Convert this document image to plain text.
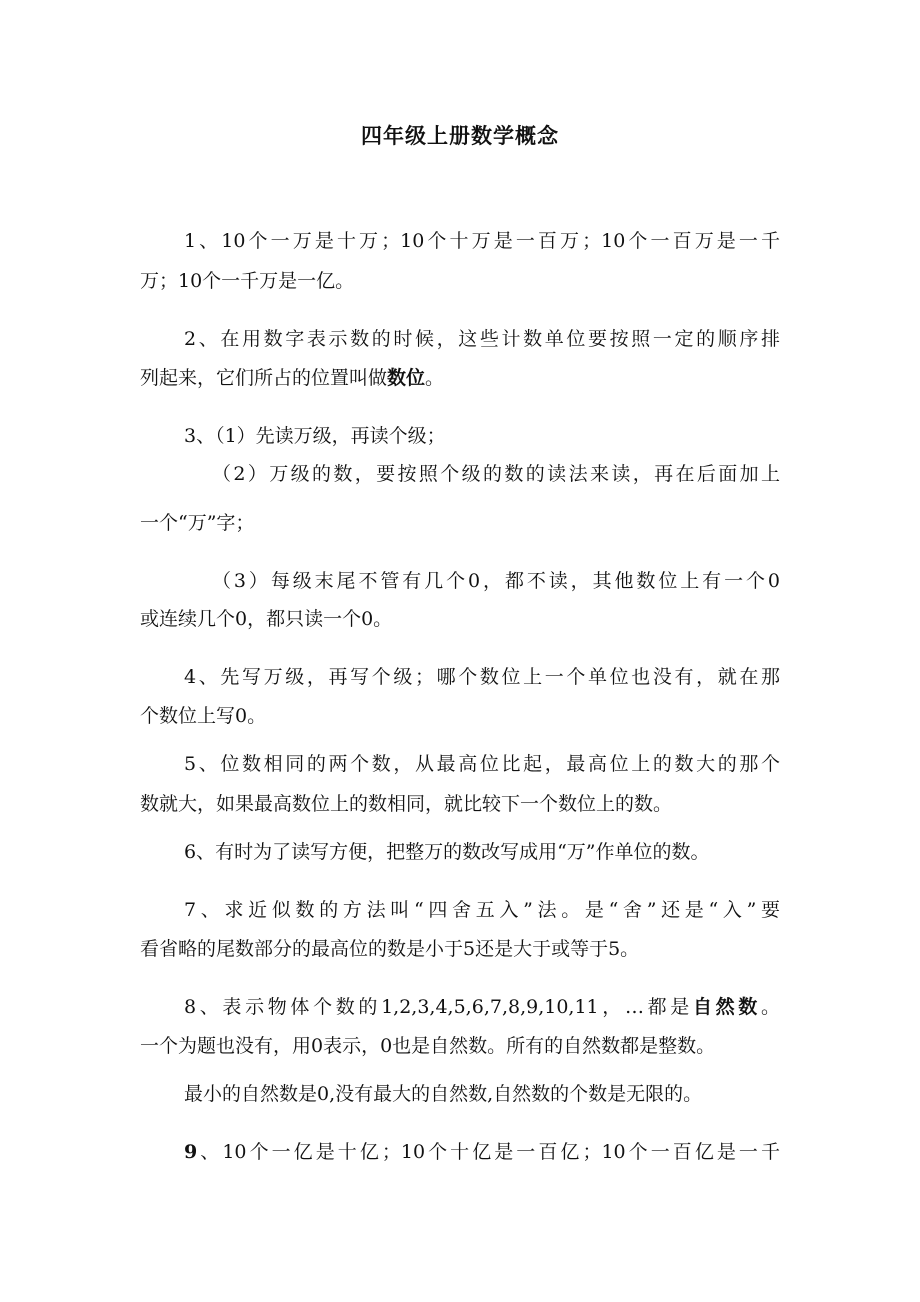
四年级上册数学概念
1、10个一万是十万；10个十万是一百万；10个一百万是一千
万；10个一千万是一亿。
2、在用数字表示数的时候，这些计数单位要按照一定的顺序排
列起来，它们所占的位置叫做数位。
3、（1）先读万级，再读个级；
（2）万级的数，要按照个级的数的读法来读，再在后面加上
一个“万”字；
（3）每级末尾不管有几个0，都不读，其他数位上有一个0
或连续几个0，都只读一个0。
4、先写万级，再写个级；哪个数位上一个单位也没有，就在那
个数位上写0。
5、位数相同的两个数，从最高位比起，最高位上的数大的那个
数就大，如果最高数位上的数相同，就比较下一个数位上的数。
6、有时为了读写方便，把整万的数改写成用“万”作单位的数。
7、求近似数的方法叫“四舍五入”法。是“舍”还是“入”要
看省略的尾数部分的最高位的数是小于5还是大于或等于5。
8、表示物体个数的1,2,3,4,5,6,7,8,9,10,11，…都是自然数。
一个为题也没有，用0表示，0也是自然数。所有的自然数都是整数。
最小的自然数是0,没有最大的自然数,自然数的个数是无限的。
9、10个一亿是十亿；10个十亿是一百亿；10个一百亿是一千
